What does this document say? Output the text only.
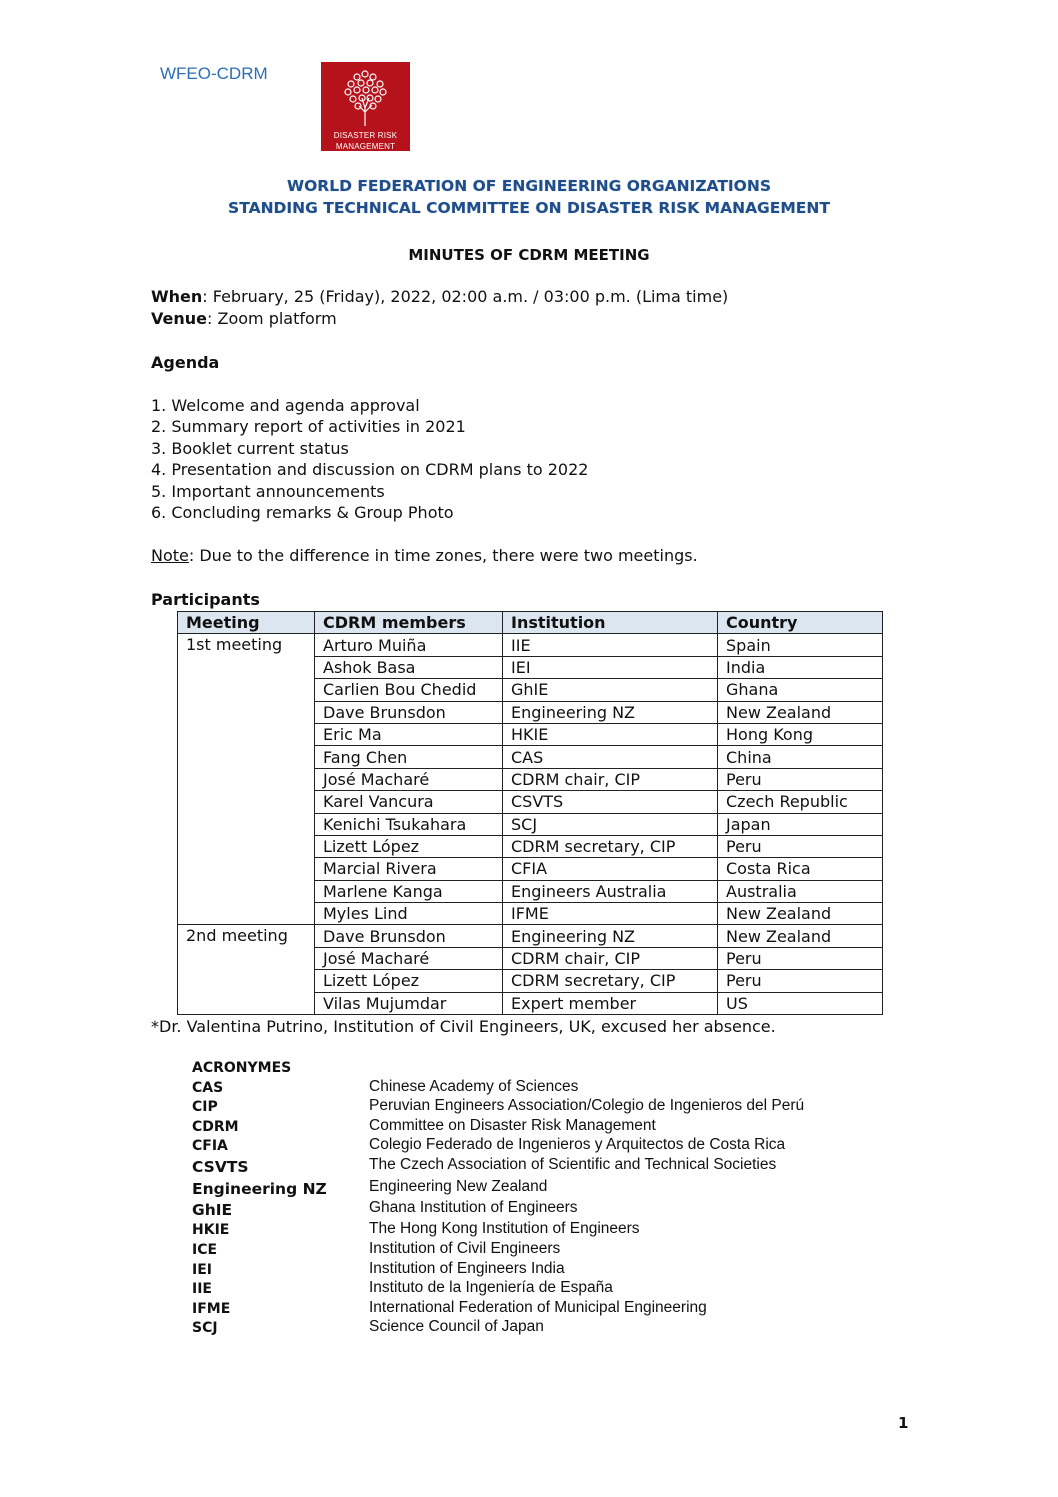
WFEO-CDRM
DISASTER RISK
MANAGEMENT
WORLD FEDERATION OF ENGINEERING ORGANIZATIONS
STANDING TECHNICAL COMMITTEE ON DISASTER RISK MANAGEMENT
MINUTES OF CDRM MEETING
When: February, 25 (Friday), 2022, 02:00 a.m. / 03:00 p.m. (Lima time)
Venue: Zoom platform
Agenda
1. Welcome and agenda approval
2. Summary report of activities in 2021
3. Booklet current status
4. Presentation and discussion on CDRM plans to 2022
5. Important announcements
6. Concluding remarks & Group Photo
Note: Due to the difference in time zones, there were two meetings.
Participants
Meeting	CDRM members	Institution	Country
1st meeting	Arturo Muiña	IIE	Spain
	Ashok Basa	IEI	India
	Carlien Bou Chedid	GhIE	Ghana
	Dave Brunsdon	Engineering NZ	New Zealand
	Eric Ma	HKIE	Hong Kong
	Fang Chen	CAS	China
	José Macharé	CDRM chair, CIP	Peru
	Karel Vancura	CSVTS	Czech Republic
	Kenichi Tsukahara	SCJ	Japan
	Lizett López	CDRM secretary, CIP	Peru
	Marcial Rivera	CFIA	Costa Rica
	Marlene Kanga	Engineers Australia	Australia
	Myles Lind	IFME	New Zealand
2nd meeting	Dave Brunsdon	Engineering NZ	New Zealand
	José Macharé	CDRM chair, CIP	Peru
	Lizett López	CDRM secretary, CIP	Peru
	Vilas Mujumdar	Expert member	US
*Dr. Valentina Putrino, Institution of Civil Engineers, UK, excused her absence.
ACRONYMES
CAS	Chinese Academy of Sciences
CIP	Peruvian Engineers Association/Colegio de Ingenieros del Perú
CDRM	Committee on Disaster Risk Management
CFIA	Colegio Federado de Ingenieros y Arquitectos de Costa Rica
CSVTS	The Czech Association of Scientific and Technical Societies
Engineering NZ	Engineering New Zealand
GhIE	Ghana Institution of Engineers
HKIE	The Hong Kong Institution of Engineers
ICE	Institution of Civil Engineers
IEI	Institution of Engineers India
IIE	Instituto de la Ingeniería de España
IFME	International Federation of Municipal Engineering
SCJ	Science Council of Japan
1
